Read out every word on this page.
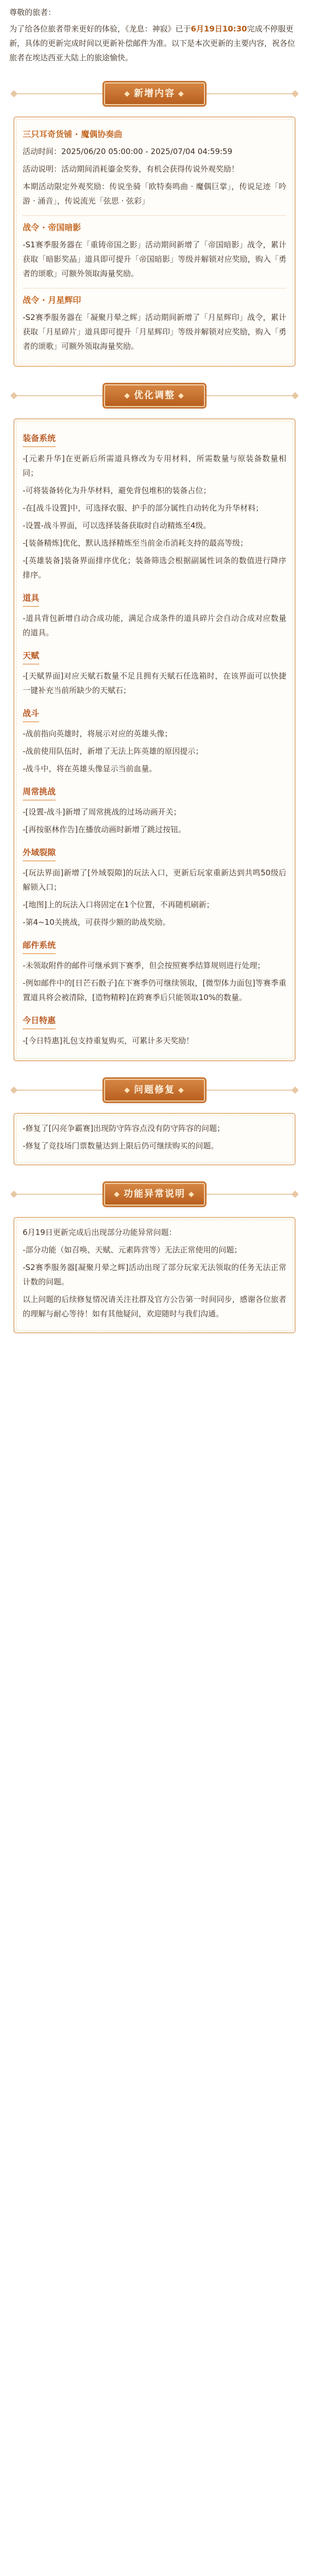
尊敬的旅者：

为了给各位旅者带来更好的体验，《龙息：神寂》已于6月19日10:30完成不停服更新，具体的更新完成时间以更新补偿邮件为准。以下是本次更新的主要内容，祝各位旅者在埃达西亚大陆上的旅途愉快。

◆ 新增内容 ◆
三只耳奇货铺 · 魔偶协奏曲
活动时间：2025/06/20 05:00:00 - 2025/07/04 04:59:59
活动说明：活动期间消耗鎏金奖券，有机会获得传说外观奖励！
本期活动限定外观奖励：传说坐骑「欧特奏鸣曲 · 魔偶巨掌」，传说足迹「吟游 · 涌音」，传说流光「弦思 · 弦彩」
战令 · 帝国暗影
-S1赛季服务器在「重铸帝国之影」活动期间新增了「帝国暗影」战令，累计获取「暗影奖晶」道具即可提升「帝国暗影」等级并解锁对应奖励，购入「勇者的颂歌」可额外领取海量奖励。
战令 · 月星辉印
-S2赛季服务器在「凝聚月晕之辉」活动期间新增了「月星辉印」战令，累计获取「月星碎片」道具即可提升「月星辉印」等级并解锁对应奖励，购入「勇者的颂歌」可额外领取海量奖励。
◆ 优化调整 ◆
装备系统
-[元素升华]在更新后所需道具修改为专用材料，所需数量与原装备数量相同；
-可将装备转化为升华材料，避免背包堆积的装备占位；
-在[战斗设置]中，可选择农服、护手的部分属性自动转化为升华材料；
-设置-战斗界面，可以选择装备获取时自动精炼至4级。
-[装备精炼]优化，默认选择精炼至当前金币消耗支持的最高等级；
-[英雄装备]装备界面排序优化；装备筛选会根据副属性词条的数值进行降序排序。
道具
-道具背包新增自动合成功能，满足合成条件的道具碎片会自动合成对应数量的道具。
天赋
-[天赋界面]对应天赋石数量不足且拥有天赋石任选箱时，在该界面可以快捷一键补充当前所缺少的天赋石；
战斗
-战前指向英雄时，将展示对应的英雄头像；
-战前使用队伍时，新增了无法上阵英雄的原因提示；
-战斗中，将在英雄头像显示当前血量。
周常挑战
-[设置-战斗]新增了周常挑战的过场动画开关；
-[再按驱林作告]在播放动画时新增了跳过按钮。
外域裂隙
-[玩法界面]新增了[外域裂隙]的玩法入口，更新后玩家重新达到共鸣50级后解锁入口；
-[地图]上的玩法入口将固定在1个位置，不再随机刷新；
-第4~10关挑战，可获得少额的助战奖励。
邮件系统
-未领取附件的邮件可继承到下赛季，但会按照赛季结算规则进行处理；
-例如邮件中的[日芒石骰子]在下赛季仍可继续领取，[微型体力面包]等赛季重置道具将会被清除，[造物精粹]在跨赛季后只能领取10%的数量。
今日特惠
-[今日特惠]礼包支持重复购买，可累计多天奖励！
◆ 问题修复 ◆
-修复了[闪亮争霸赛]出现防守阵容点没有防守阵容的问题；
-修复了竞技场门票数量达到上限后仍可继续购买的问题。
◆ 功能异常说明 ◆
6月19日更新完成后出现部分功能异常问题：
-部分功能（如召唤、天赋、元素阵营等）无法正常使用的问题；
-S2赛季服务器[凝聚月晕之辉]活动出现了部分玩家无法领取的任务无法正常计数的问题。
以上问题的后续修复情况请关注社群及官方公告第一时间同步，感谢各位旅者的理解与耐心等待！如有其他疑问，欢迎随时与我们沟通。
